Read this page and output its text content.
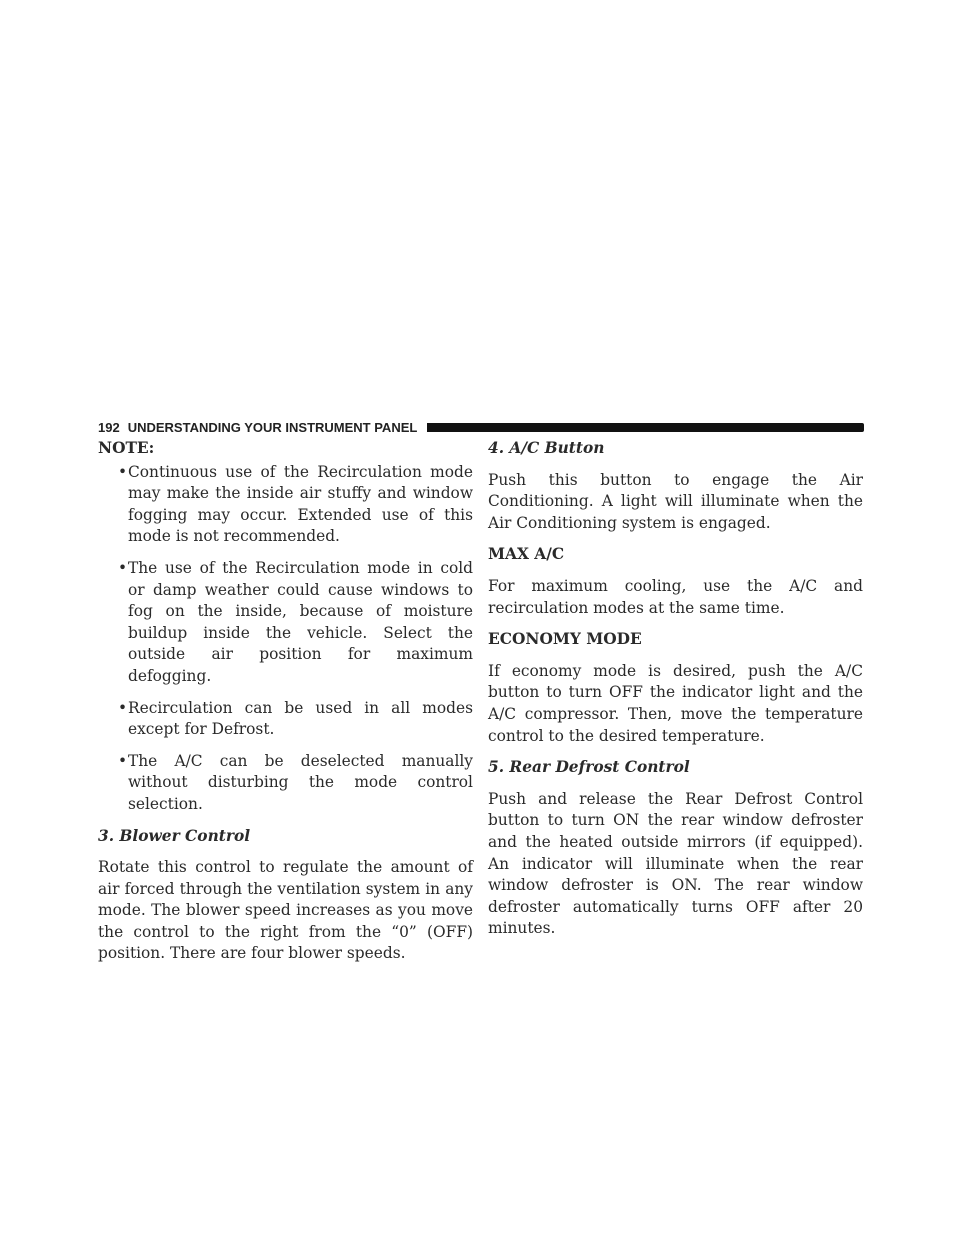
192 UNDERSTANDING YOUR INSTRUMENT PANEL
NOTE:
• Continuous use of the Recirculation mode may make the inside air stuffy and window fogging may occur. Extended use of this mode is not recommended.
• The use of the Recirculation mode in cold or damp weather could cause windows to fog on the inside, because of moisture buildup inside the vehicle. Select the outside air position for maximum defogging.
• Recirculation can be used in all modes except for Defrost.
• The A/C can be deselected manually without disturbing the mode control selection.
3. Blower Control

Rotate this control to regulate the amount of air forced through the ventilation system in any mode. The blower speed increases as you move the control to the right from the “0” (OFF) position. There are four blower speeds.

4. A/C Button

Push this button to engage the Air Conditioning. A light will illuminate when the Air Conditioning system is engaged.

MAX A/C

For maximum cooling, use the A/C and recirculation modes at the same time.

ECONOMY MODE

If economy mode is desired, push the A/C button to turn OFF the indicator light and the A/C compressor. Then, move the temperature control to the desired temperature.

5. Rear Defrost Control

Push and release the Rear Defrost Control button to turn ON the rear window defroster and the heated outside mirrors (if equipped). An indicator will illuminate when the rear window defroster is ON. The rear window defroster automatically turns OFF after 20 minutes.
